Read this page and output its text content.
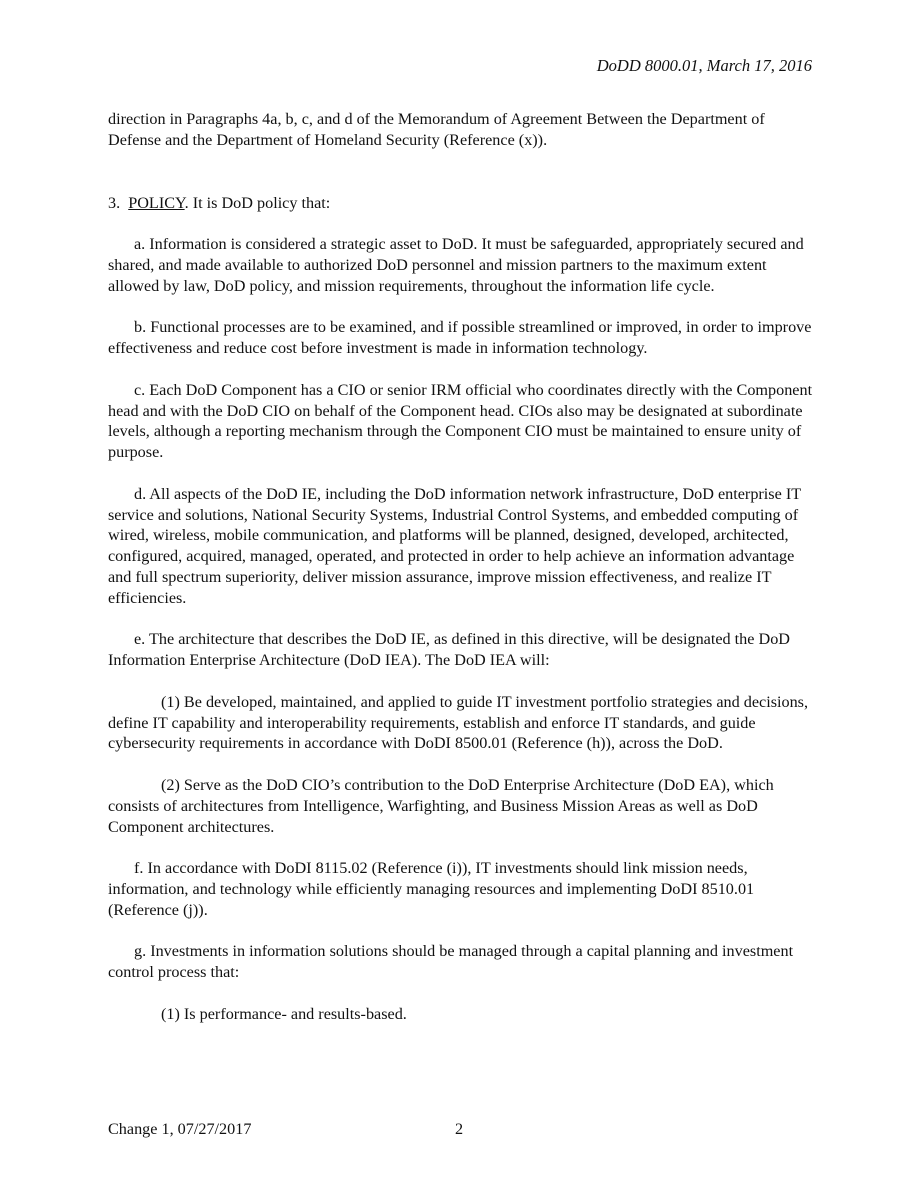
DoDD 8000.01, March 17, 2016

direction in Paragraphs 4a, b, c, and d of the Memorandum of Agreement Between the Department of Defense and the Department of Homeland Security (Reference (x)).

3. POLICY. It is DoD policy that:

a. Information is considered a strategic asset to DoD. It must be safeguarded, appropriately secured and shared, and made available to authorized DoD personnel and mission partners to the maximum extent allowed by law, DoD policy, and mission requirements, throughout the information life cycle.

b. Functional processes are to be examined, and if possible streamlined or improved, in order to improve effectiveness and reduce cost before investment is made in information technology.

c. Each DoD Component has a CIO or senior IRM official who coordinates directly with the Component head and with the DoD CIO on behalf of the Component head. CIOs also may be designated at subordinate levels, although a reporting mechanism through the Component CIO must be maintained to ensure unity of purpose.

d. All aspects of the DoD IE, including the DoD information network infrastructure, DoD enterprise IT service and solutions, National Security Systems, Industrial Control Systems, and embedded computing of wired, wireless, mobile communication, and platforms will be planned, designed, developed, architected, configured, acquired, managed, operated, and protected in order to help achieve an information advantage and full spectrum superiority, deliver mission assurance, improve mission effectiveness, and realize IT efficiencies.

e. The architecture that describes the DoD IE, as defined in this directive, will be designated the DoD Information Enterprise Architecture (DoD IEA). The DoD IEA will:

(1) Be developed, maintained, and applied to guide IT investment portfolio strategies and decisions, define IT capability and interoperability requirements, establish and enforce IT standards, and guide cybersecurity requirements in accordance with DoDI 8500.01 (Reference (h)), across the DoD.

(2) Serve as the DoD CIO’s contribution to the DoD Enterprise Architecture (DoD EA), which consists of architectures from Intelligence, Warfighting, and Business Mission Areas as well as DoD Component architectures.

f. In accordance with DoDI 8115.02 (Reference (i)), IT investments should link mission needs, information, and technology while efficiently managing resources and implementing DoDI 8510.01 (Reference (j)).

g. Investments in information solutions should be managed through a capital planning and investment control process that:

(1) Is performance- and results-based.

Change 1, 07/27/2017	2
